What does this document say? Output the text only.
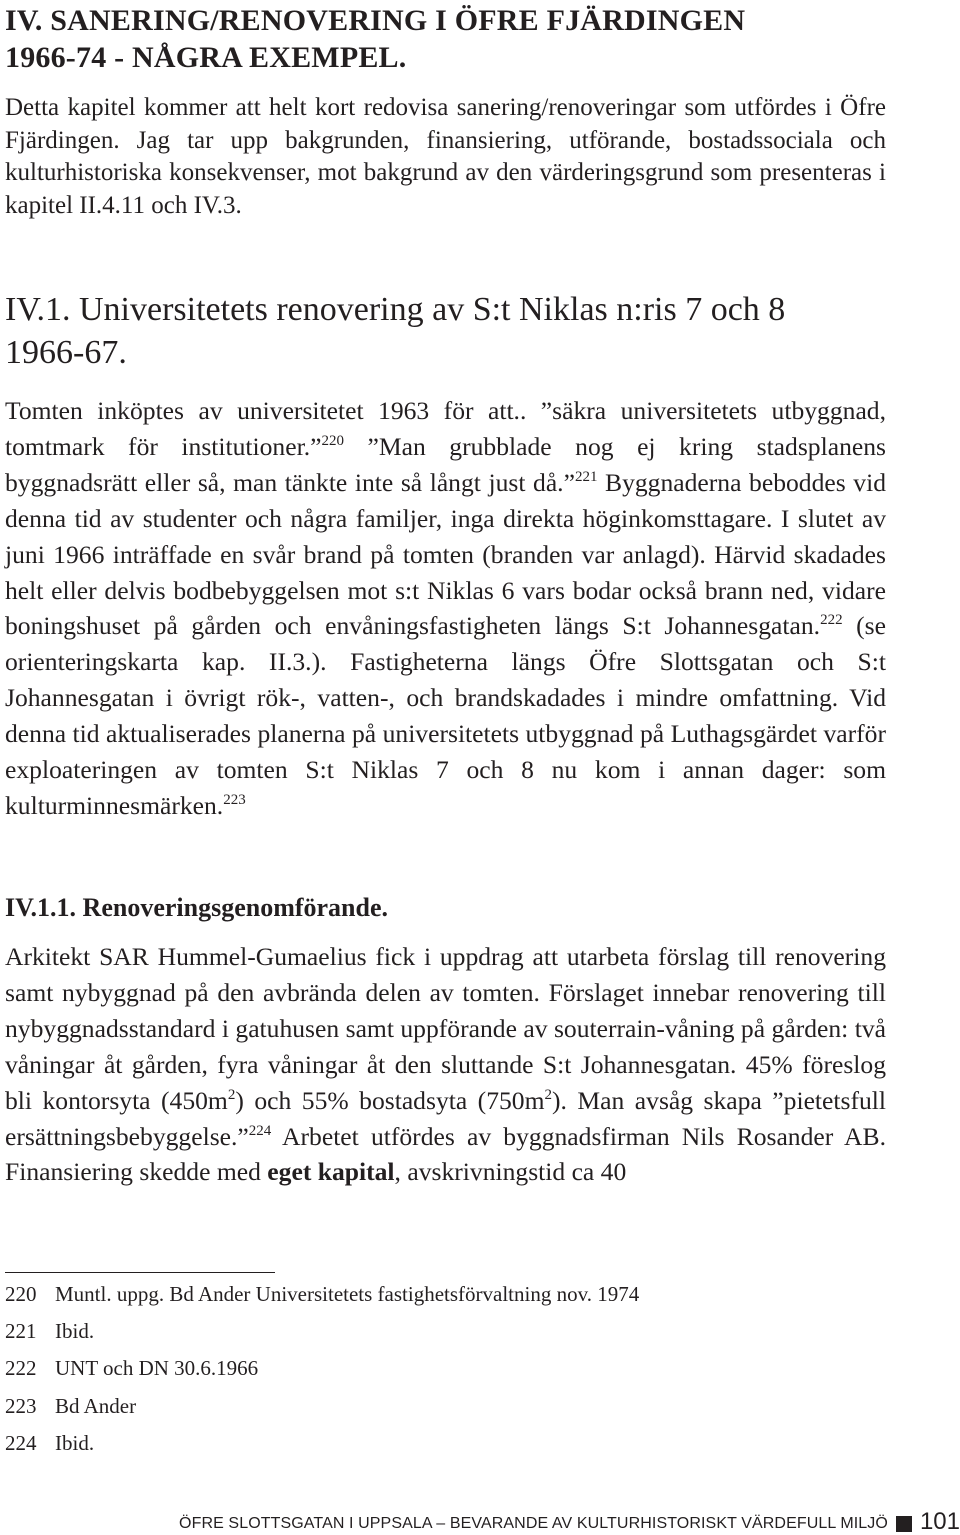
IV. SANERING/RENOVERING I ÖFRE FJÄRDINGEN
1966-74 - NÅGRA EXEMPEL.

Detta kapitel kommer att helt kort redovisa sanering/renoveringar som utfördes i Öfre Fjärdingen. Jag tar upp bakgrunden, finansiering, utförande, bostadssociala och kulturhistoriska konsekvenser, mot bakgrund av den värderingsgrund som presenteras i kapitel II.4.11 och IV.3.

IV.1. Universitetets renovering av S:t Niklas n:ris 7 och 8
1966-67.

Tomten inköptes av universitetet 1963 för att.. ”säkra universitetets utbyggnad, tomtmark för institutioner.”$^{220}$ ”Man grubblade nog ej kring stadsplanens byggnadsrätt eller så, man tänkte inte så långt just då.”$^{221}$ Byggnaderna beboddes vid denna tid av studenter och några familjer, inga direkta höginkomsttagare. I slutet av juni 1966 inträffade en svår brand på tomten (branden var anlagd). Härvid skadades helt eller delvis bodbebyggelsen mot s:t Niklas 6 vars bodar också brann ned, vidare boningshuset på gården och envåningsfastigheten längs S:t Johannesgatan.$^{222}$ (se orienteringskarta kap. II.3.). Fastigheterna längs Öfre Slottsgatan och S:t Johannesgatan i övrigt rök-, vatten-, och brandskadades i mindre omfattning. Vid denna tid aktualiserades planerna på universitetets utbyggnad på Luthagsgärdet varför exploateringen av tomten S:t Niklas 7 och 8 nu kom i annan dager: som kulturminnesmärken.$^{223}$

IV.1.1. Renoveringsgenomförande.

Arkitekt SAR Hummel-Gumaelius fick i uppdrag att utarbeta förslag till renovering samt nybyggnad på den avbrända delen av tomten. Förslaget innebar renovering till nybyggnadsstandard i gatuhusen samt uppförande av souterrain-våning på gården: två våningar åt gården, fyra våningar åt den sluttande S:t Johannesgatan. 45% föreslog bli kontorsyta $(450m^2)$ och 55% bostadsyta $(750m^2)$. Man avsåg skapa ”pietetsfull ersättningsbebyggelse.”$^{224}$ Arbetet utfördes av byggnadsfirman Nils Rosander AB. Finansiering skedde med eget kapital, avskrivningstid ca 40

220 Muntl. uppg. Bd Ander Universitetets fastighetsförvaltning nov. 1974
221 Ibid.
222 UNT och DN 30.6.1966
223 Bd Ander
224 Ibid.
ÖFRE SLOTTSGATAN I UPPSALA – BEVARANDE AV KULTURHISTORISKT VÄRDEFULL MILJÖ 101
